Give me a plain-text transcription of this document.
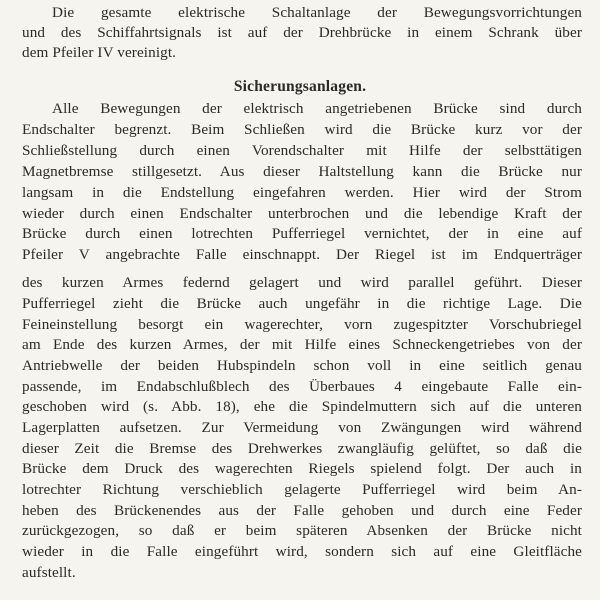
Die gesamte elektrische Schaltanlage der Bewegungsvorrichtungen
und des Schiffahrtsignals ist auf der Drehbrücke in einem Schrank über
dem Pfeiler IV vereinigt.
Sicherungsanlagen.
Alle Bewegungen der elektrisch angetriebenen Brücke sind durch
Endschalter begrenzt. Beim Schließen wird die Brücke kurz vor der
Schließstellung durch einen Vorendschalter mit Hilfe der selbsttätigen
Magnetbremse stillgesetzt. Aus dieser Haltstellung kann die Brücke nur
langsam in die Endstellung eingefahren werden. Hier wird der Strom
wieder durch einen Endschalter unterbrochen und die lebendige Kraft der
Brücke durch einen lotrechten Pufferriegel vernichtet, der in eine auf
Pfeiler V angebrachte Falle einschnappt. Der Riegel ist im Endquerträger
des kurzen Armes federnd gelagert und wird parallel geführt. Dieser
Pufferriegel zieht die Brücke auch ungefähr in die richtige Lage. Die
Feineinstellung besorgt ein wagerechter, vorn zugespitzter Vorschubriegel
am Ende des kurzen Armes, der mit Hilfe eines Schneckengetriebes von der
Antriebwelle der beiden Hubspindeln schon voll in eine seitlich genau
passende, im Endabschlußblech des Überbaues 4 eingebaute Falle ein-
geschoben wird (s. Abb. 18), ehe die Spindelmuttern sich auf die unteren
Lagerplatten aufsetzen. Zur Vermeidung von Zwängungen wird während
dieser Zeit die Bremse des Drehwerkes zwangläufig gelüftet, so daß die
Brücke dem Druck des wagerechten Riegels spielend folgt. Der auch in
lotrechter Richtung verschieblich gelagerte Pufferriegel wird beim An-
heben des Brückenendes aus der Falle gehoben und durch eine Feder
zurückgezogen, so daß er beim späteren Absenken der Brücke nicht
wieder in die Falle eingeführt wird, sondern sich auf eine Gleitfläche
aufstellt.
